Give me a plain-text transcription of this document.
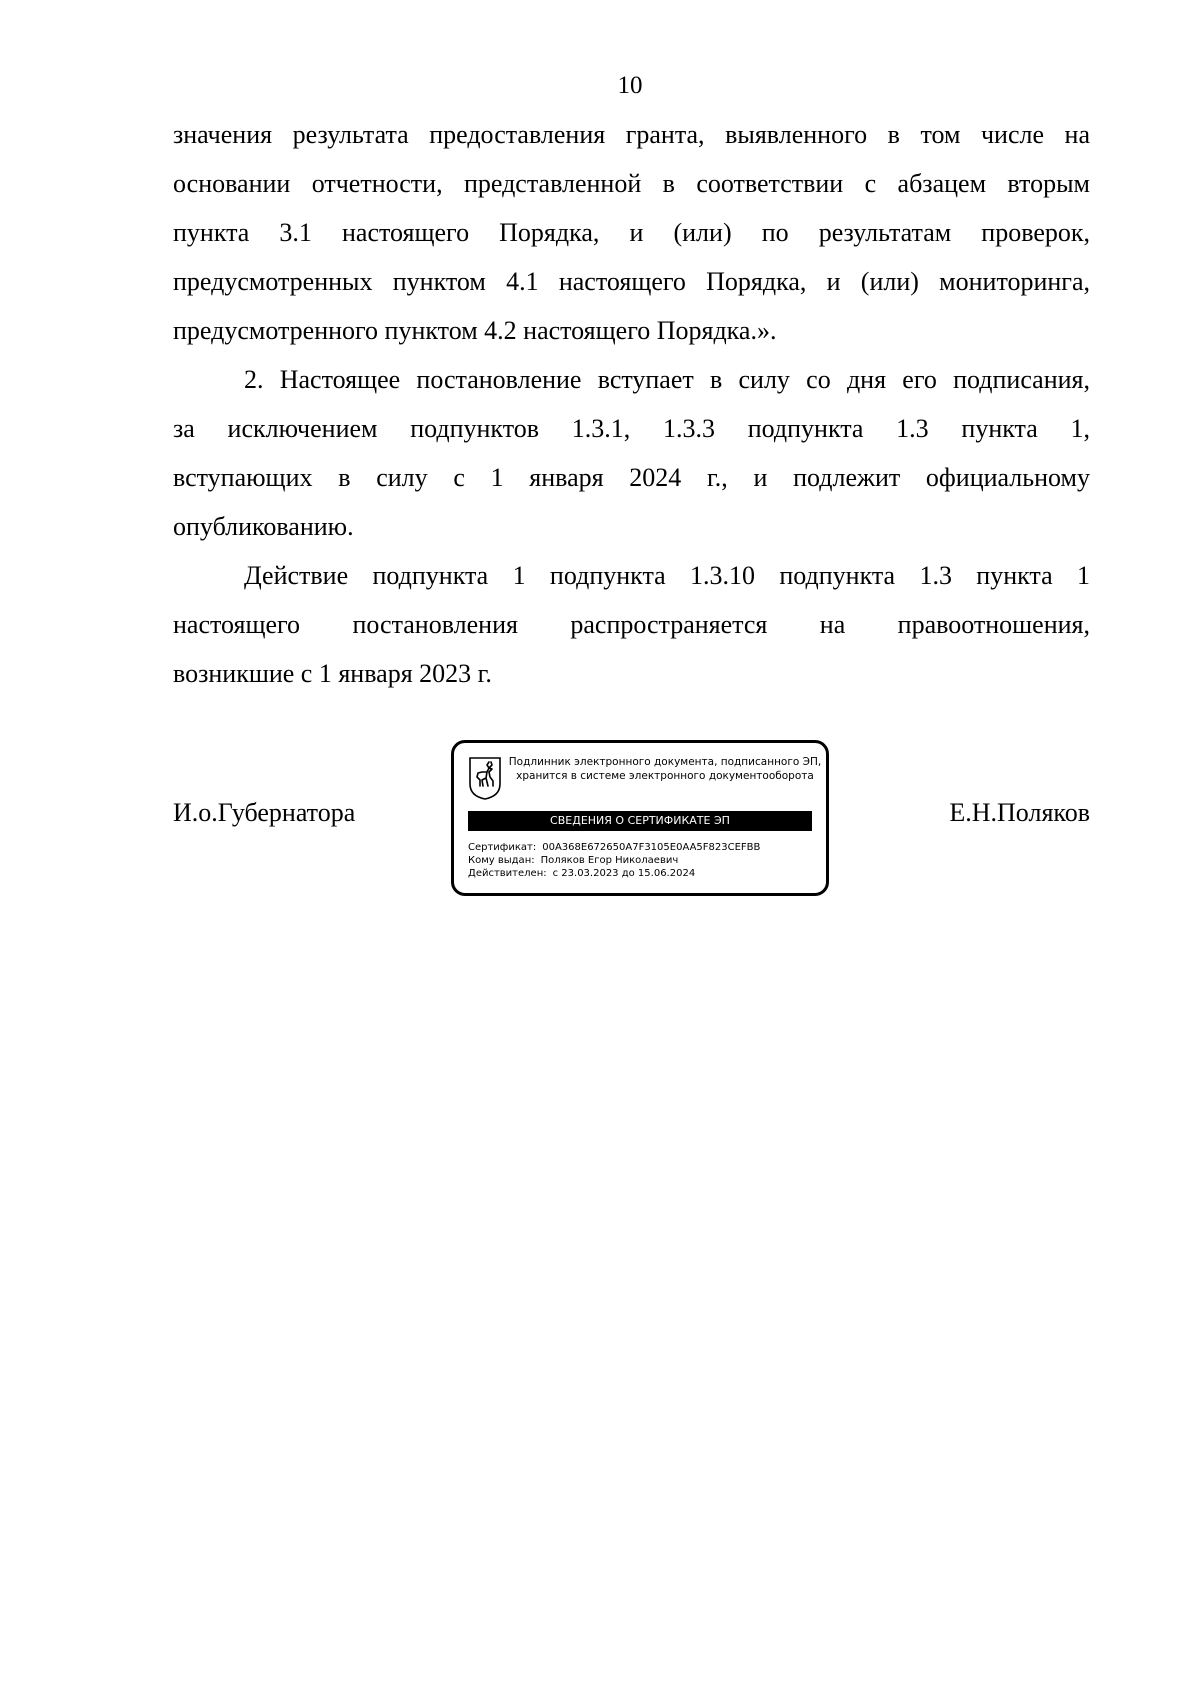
10
значения результата предоставления гранта, выявленного в том числе на
основании отчетности, представленной в соответствии с абзацем вторым
пункта 3.1 настоящего Порядка, и (или) по результатам проверок,
предусмотренных пунктом 4.1 настоящего Порядка, и (или) мониторинга,
предусмотренного пунктом 4.2 настоящего Порядка.».
2. Настоящее постановление вступает в силу со дня его подписания,
за исключением подпунктов 1.3.1, 1.3.3 подпункта 1.3 пункта 1,
вступающих в силу с 1 января 2024 г., и подлежит официальному
опубликованию.
Действие подпункта 1 подпункта 1.3.10 подпункта 1.3 пункта 1
настоящего постановления распространяется на правоотношения,
возникшие с 1 января 2023 г.
И.о.Губернатора
Подлинник электронного документа, подписанного ЭП,
хранится в системе электронного документооборота
СВЕДЕНИЯ О СЕРТИФИКАТЕ ЭП
Сертификат: 00A368E672650A7F3105E0AA5F823CEFBB
Кому выдан: Поляков Егор Николаевич
Действителен: с 23.03.2023 до 15.06.2024
Е.Н.Поляков
